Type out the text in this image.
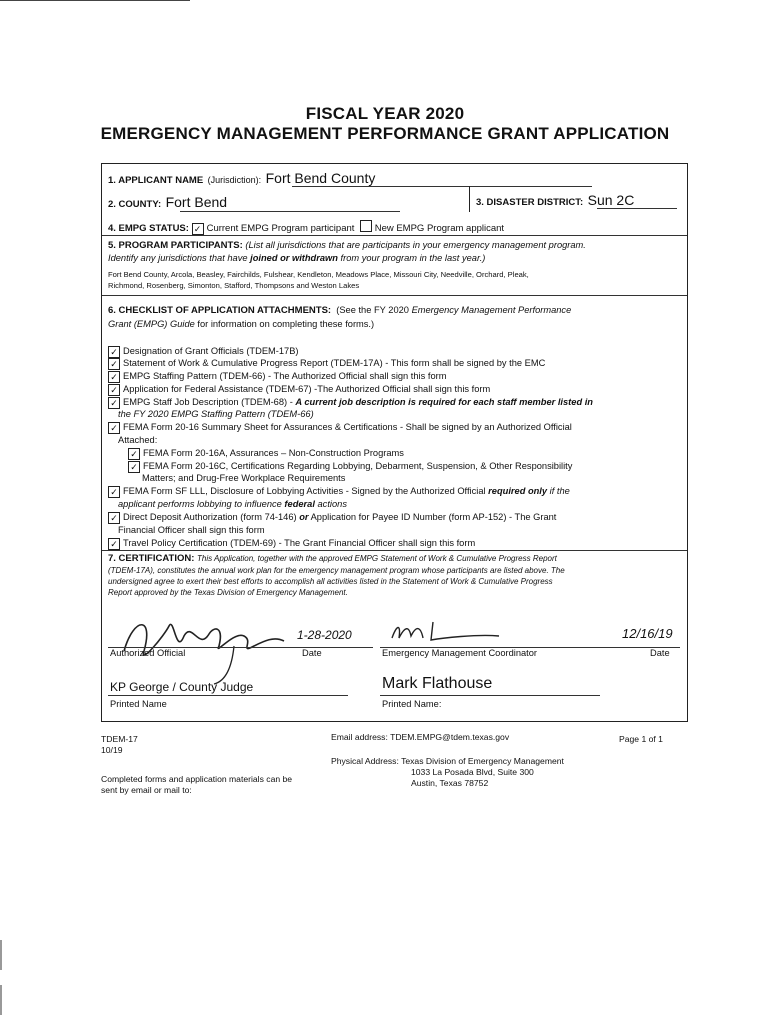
FISCAL YEAR 2020
EMERGENCY MANAGEMENT PERFORMANCE GRANT APPLICATION
1. APPLICANT NAME (Jurisdiction): Fort Bend County
2. COUNTY: Fort Bend	3. DISASTER DISTRICT: Sun 2C
4. EMPG STATUS: ✓ Current EMPG Program participant New EMPG Program applicant
5. PROGRAM PARTICIPANTS: (List all jurisdictions that are participants in your emergency management program.
Identify any jurisdictions that have joined or withdrawn from your program in the last year.)
Fort Bend County, Arcola, Beasley, Fairchilds, Fulshear, Kendleton, Meadows Place, Missouri City, Needville, Orchard, Pleak,
Richmond, Rosenberg, Simonton, Stafford, Thompsons and Weston Lakes
6. CHECKLIST OF APPLICATION ATTACHMENTS: (See the FY 2020 Emergency Management Performance
Grant (EMPG) Guide for information on completing these forms.)
✓ Designation of Grant Officials (TDEM-17B)
✓ Statement of Work & Cumulative Progress Report (TDEM-17A) - This form shall be signed by the EMC
✓ EMPG Staffing Pattern (TDEM-66) - The Authorized Official shall sign this form
✓ Application for Federal Assistance (TDEM-67) -The Authorized Official shall sign this form
✓ EMPG Staff Job Description (TDEM-68) - A current job description is required for each staff member listed in
the FY 2020 EMPG Staffing Pattern (TDEM-66)
✓ FEMA Form 20-16 Summary Sheet for Assurances & Certifications - Shall be signed by an Authorized Official
Attached:
✓ FEMA Form 20-16A, Assurances – Non-Construction Programs
✓ FEMA Form 20-16C, Certifications Regarding Lobbying, Debarment, Suspension, & Other Responsibility
Matters; and Drug-Free Workplace Requirements
✓ FEMA Form SF LLL, Disclosure of Lobbying Activities - Signed by the Authorized Official required only if the
applicant performs lobbying to influence federal actions
✓ Direct Deposit Authorization (form 74-146) or Application for Payee ID Number (form AP-152) - The Grant
Financial Officer shall sign this form
✓ Travel Policy Certification (TDEM-69) - The Grant Financial Officer shall sign this form
7. CERTIFICATION: This Application, together with the approved EMPG Statement of Work & Cumulative Progress Report
(TDEM-17A), constitutes the annual work plan for the emergency management program whose participants are listed above. The
undersigned agree to exert their best efforts to accomplish all activities listed in the Statement of Work & Cumulative Progress
Report approved by the Texas Division of Emergency Management.
1-28-2020	12/16/19
Authorized Official	Date	Emergency Management Coordinator	Date
KP George / County Judge	Mark Flathouse
Printed Name	Printed Name:
TDEM-17
10/19
Email address: TDEM.EMPG@tdem.texas.gov	Page 1 of 1
Physical Address: Texas Division of Emergency Management
1033 La Posada Blvd, Suite 300
Austin, Texas 78752
Completed forms and application materials can be
sent by email or mail to:
